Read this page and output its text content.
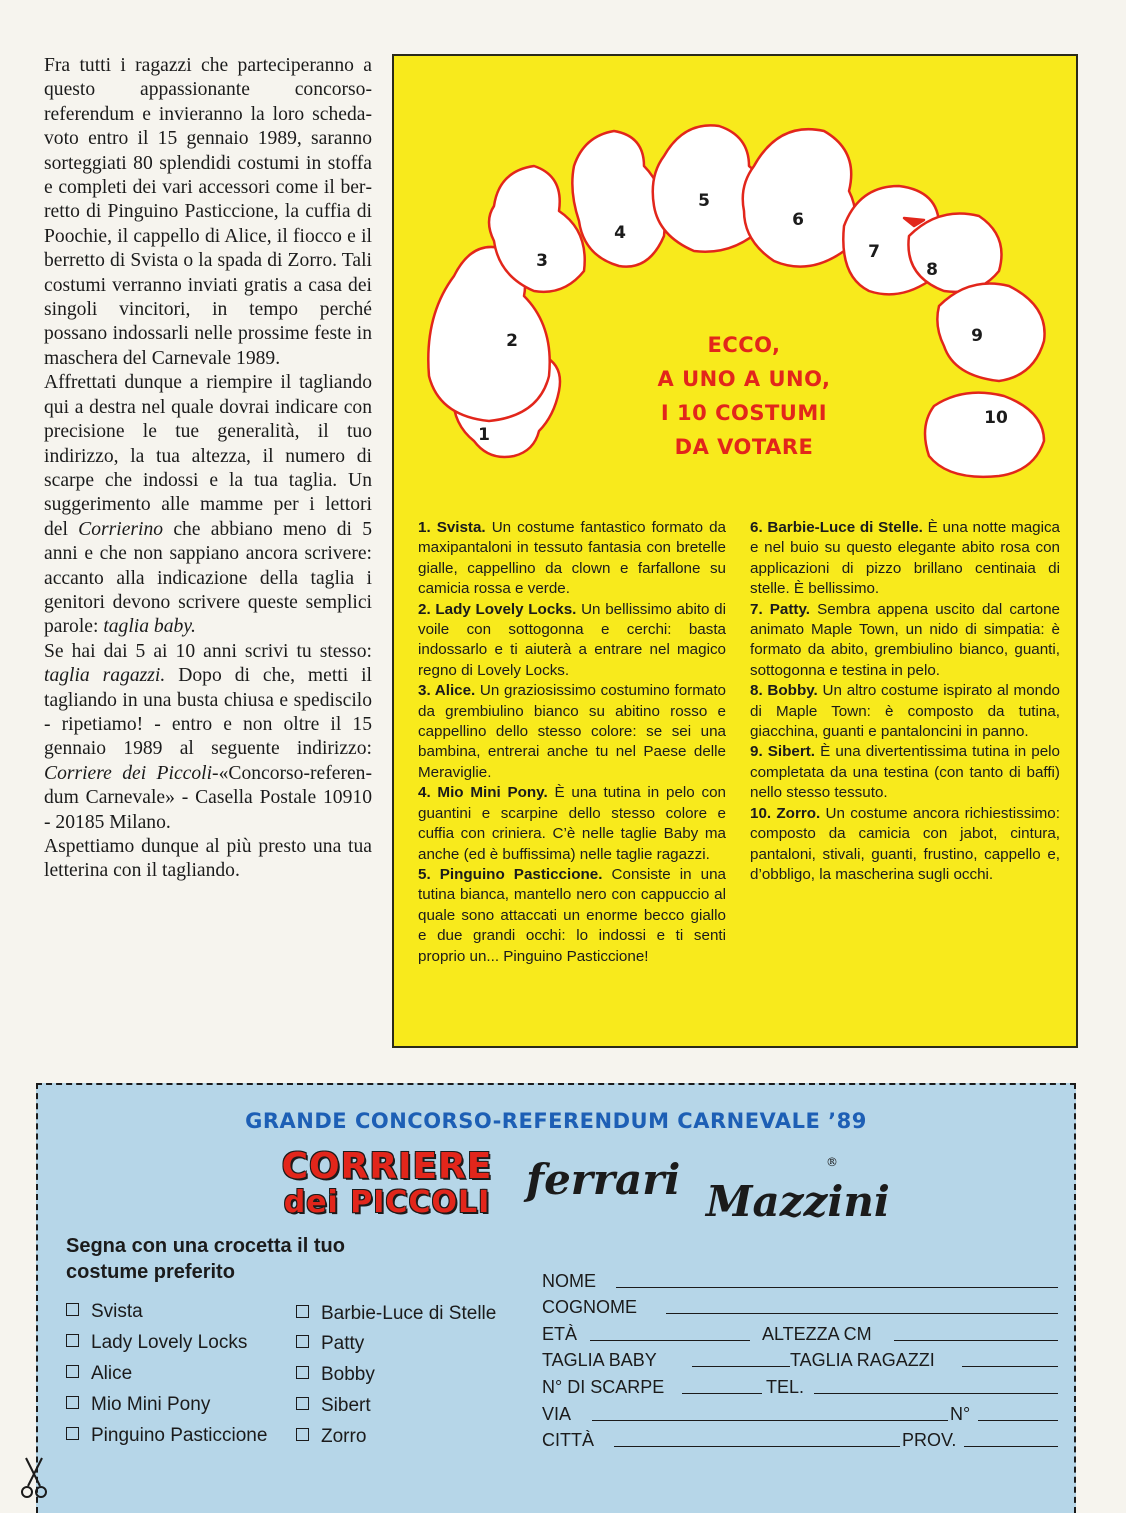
Fra tutti i ragazzi che parteciperanno a questo appassionante concorso-referendum e invieranno la loro scheda-voto entro il 15 gennaio 1989, saranno sorteggiati 80 splendidi costumi in stoffa e completi dei vari accessori come il berretto di Pinguino Pasticcione, la cuffia di Poochie, il cappello di Alice, il fiocco e il berretto di Svista o la spada di Zorro. Tali costumi verranno inviati gratis a casa dei singoli vincitori, in tempo perché possano indossarli nelle prossime feste in maschera del Carnevale 1989.

Affrettati dunque a riempire il tagliando qui a destra nel quale dovrai indicare con precisione le tue generalità, il tuo indirizzo, la tua altezza, il numero di scarpe che indossi e la tua taglia. Un suggerimento alle mamme per i lettori del Corrierino che abbiano meno di 5 anni e che non sappiano ancora scrivere: accanto alla indicazione della taglia i genitori devono scrivere queste semplici parole: taglia baby.

Se hai dai 5 ai 10 anni scrivi tu stesso: taglia ragazzi. Dopo di che, metti il tagliando in una busta chiusa e spediscilo - ripetiamo! - entro e non oltre il 15 gennaio 1989 al seguente indirizzo: Corriere dei Piccoli-«Concorso-referendum Carnevale» - Casella Postale 10910 - 20185 Milano.

Aspettiamo dunque al più presto una tua letterina con il tagliando.

1
2
3
4
5
6
7
8
9
10
ECCO,
A UNO A UNO,
I 10 COSTUMI
DA VOTARE

1. Svista. Un costume fantastico formato da maxipantaloni in tessuto fantasia con bretelle gialle, cappellino da clown e farfallone su camicia rossa e verde.

2. Lady Lovely Locks. Un bellissimo abito di voile con sottogonna e cerchi: basta indossarlo e ti aiuterà a entrare nel magico regno di Lovely Locks.

3. Alice. Un graziosissimo costumino formato da grembiulino bianco su abitino rosso e cappellino dello stesso colore: se sei una bambina, entrerai anche tu nel Paese delle Meraviglie.

4. Mio Mini Pony. È una tutina in pelo con guantini e scarpine dello stesso colore e cuffia con criniera. C’è nelle taglie Baby ma anche (ed è buffissima) nelle taglie ragazzi.

5. Pinguino Pasticcione. Consiste in una tutina bianca, mantello nero con cappuccio al quale sono attaccati un enorme becco giallo e due grandi occhi: lo indossi e ti senti proprio un... Pinguino Pasticcione!

6. Barbie-Luce di Stelle. È una notte magica e nel buio su questo elegante abito rosa con applicazioni di pizzo brillano centinaia di stelle. È bellissimo.

7. Patty. Sembra appena uscito dal cartone animato Maple Town, un nido di simpatia: è formato da abito, grembiulino bianco, guanti, sottogonna e testina in pelo.

8. Bobby. Un altro costume ispirato al mondo di Maple Town: è composto da tutina, giacchina, guanti e pantaloncini in panno.

9. Sibert. È una divertentissima tutina in pelo completata da una testina (con tanto di baffi) nello stesso tessuto.

10. Zorro. Un costume ancora richiestissimo: composto da camicia con jabot, cintura, pantaloni, stivali, guanti, frustino, cappello e, d’obbligo, la mascherina sugli occhi.

GRANDE CONCORSO-REFERENDUM CARNEVALE ’89
CORRIERE
dei PICCOLI ferrari Mazzini
®
Segna con una crocetta il tuo costume preferito
Svista
Lady Lovely Locks
Alice
Mio Mini Pony
Pinguino Pasticcione
Barbie-Luce di Stelle
Patty
Bobby
Sibert
Zorro
NOME
COGNOME
ETÀ	ALTEZZA CM
TAGLIA BABY	TAGLIA RAGAZZI
N° DI SCARPE	TEL.
VIA	N°
CITTÀ	PROV.
